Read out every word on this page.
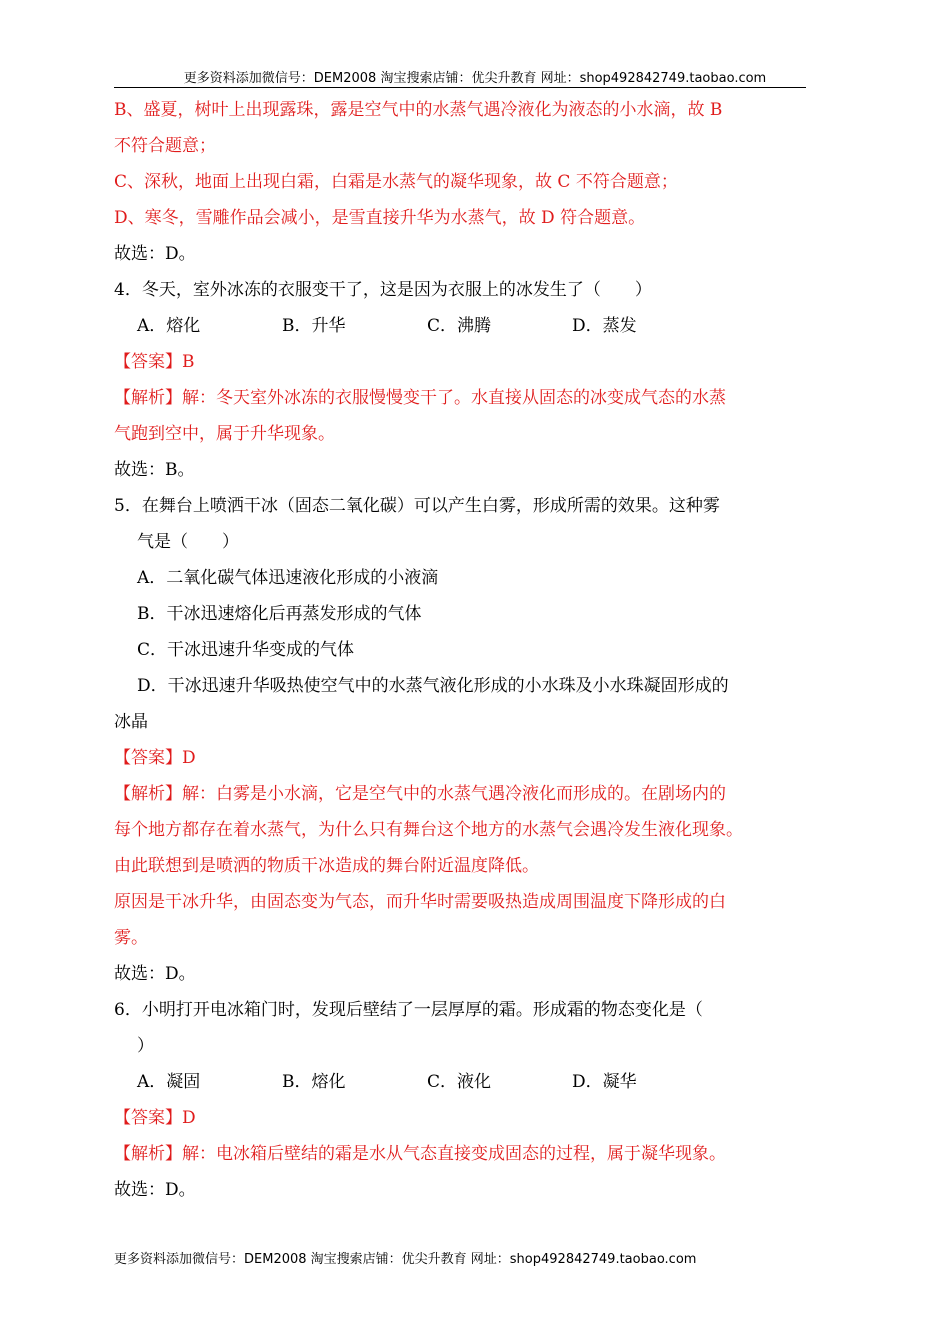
更多资料添加微信号：DEM2008 淘宝搜索店铺：优尖升教育 网址：shop492842749.taobao.com
B、盛夏，树叶上出现露珠，露是空气中的水蒸气遇冷液化为液态的小水滴，故 B
不符合题意；
C、深秋，地面上出现白霜，白霜是水蒸气的凝华现象，故 C 不符合题意；
D、寒冬，雪雕作品会减小，是雪直接升华为水蒸气，故 D 符合题意。
故选：D。
4．冬天，室外冰冻的衣服变干了，这是因为衣服上的冰发生了（　　）
A．熔化	B．升华	C．沸腾	D．蒸发
【答案】B
【解析】解：冬天室外冰冻的衣服慢慢变干了。水直接从固态的冰变成气态的水蒸
气跑到空中，属于升华现象。
故选：B。
5．在舞台上喷洒干冰（固态二氧化碳）可以产生白雾，形成所需的效果。这种雾
气是（　　）
A．二氧化碳气体迅速液化形成的小液滴
B．干冰迅速熔化后再蒸发形成的气体
C．干冰迅速升华变成的气体
D．干冰迅速升华吸热使空气中的水蒸气液化形成的小水珠及小水珠凝固形成的
冰晶
【答案】D
【解析】解：白雾是小水滴，它是空气中的水蒸气遇冷液化而形成的。在剧场内的
每个地方都存在着水蒸气，为什么只有舞台这个地方的水蒸气会遇冷发生液化现象。
由此联想到是喷洒的物质干冰造成的舞台附近温度降低。
原因是干冰升华，由固态变为气态，而升华时需要吸热造成周围温度下降形成的白
雾。
故选：D。
6．小明打开电冰箱门时，发现后壁结了一层厚厚的霜。形成霜的物态变化是（
）
A．凝固	B．熔化	C．液化	D．凝华
【答案】D
【解析】解：电冰箱后壁结的霜是水从气态直接变成固态的过程，属于凝华现象。
故选：D。
更多资料添加微信号：DEM2008 淘宝搜索店铺：优尖升教育 网址：shop492842749.taobao.com
